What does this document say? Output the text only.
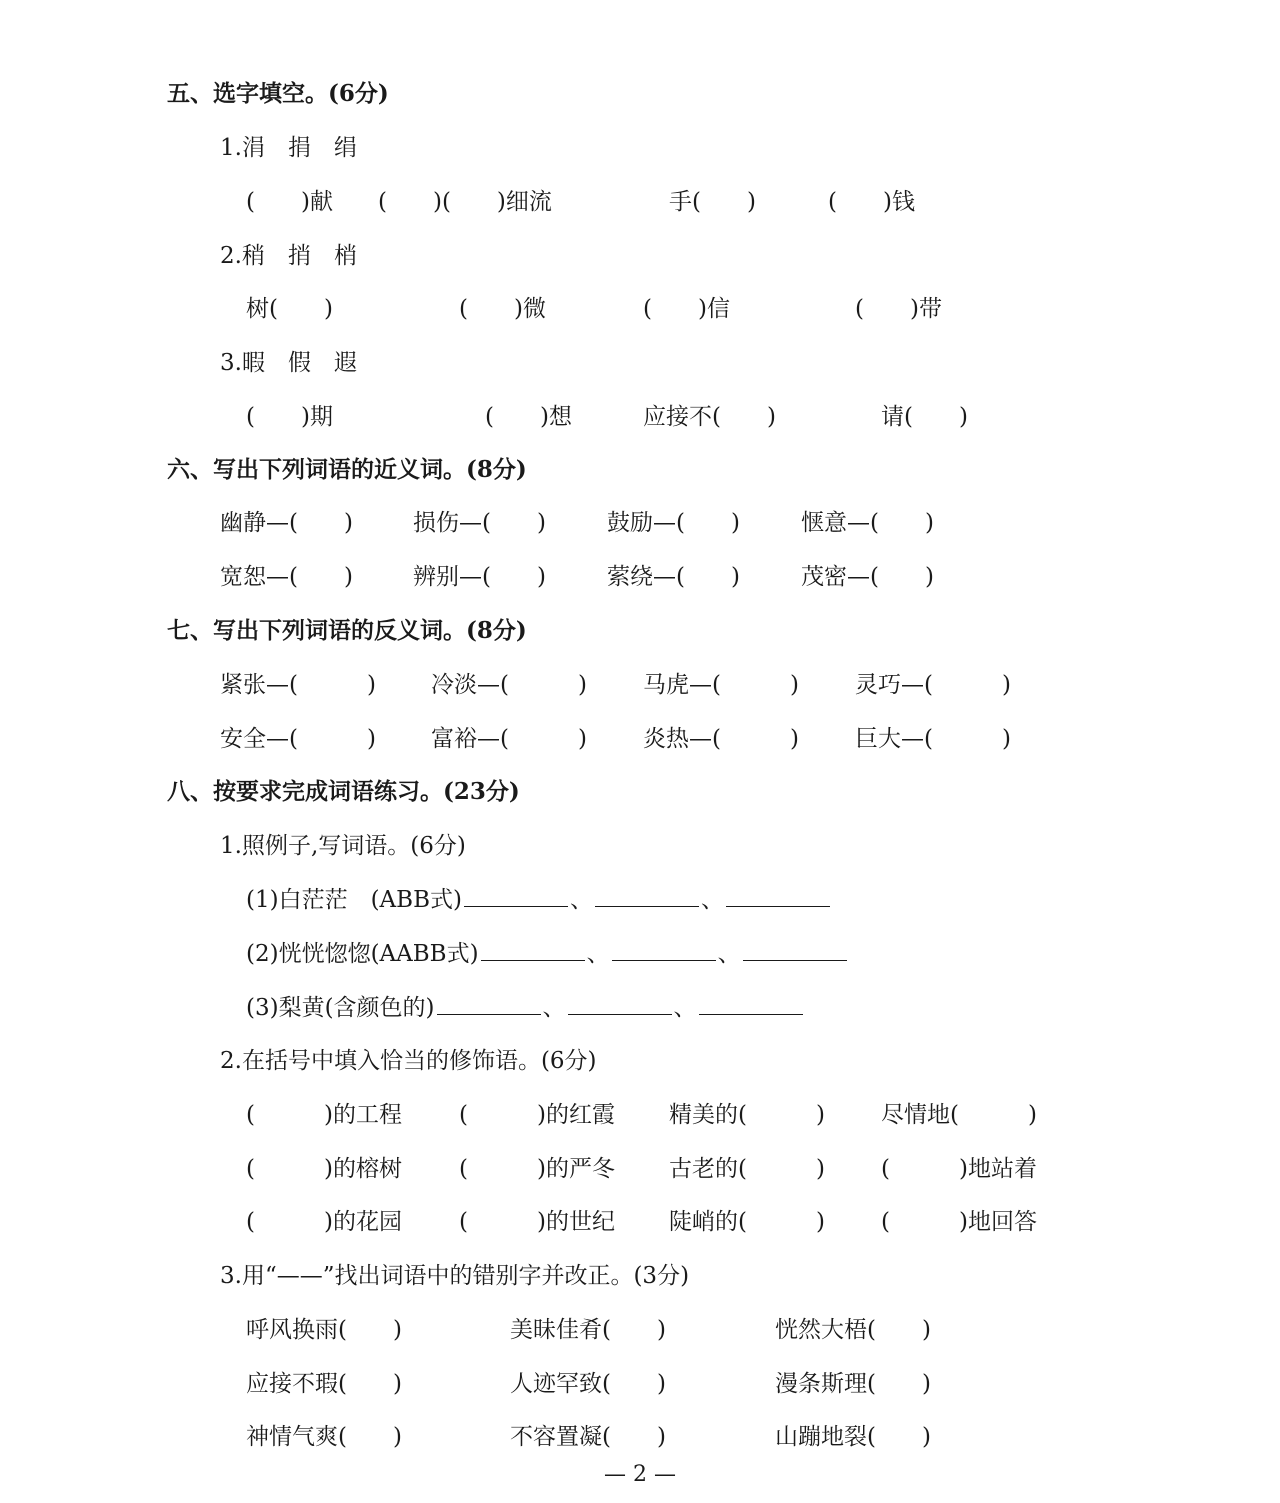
五、选字填空。(6分)
1.涓　捐　绢
(　　)献 (　　)(　　)细流	手(　　)	(　　)钱
2.稍　捎　梢
树(　　)	(　　)微	(　　)信	(　　)带
3.暇　假　遐
(　　)期	(　　)想	应接不(　　)	请(　　)
六、写出下列词语的近义词。(8分)
幽静—(　　)	损伤—(　　)	鼓励—(　　)	惬意—(　　)
宽恕—(　　)	辨别—(　　)	萦绕—(　　)	茂密—(　　)
七、写出下列词语的反义词。(8分)
紧张—(　　　) 冷淡—(　　　) 马虎—(　　　) 灵巧—(　　　)
安全—(　　　) 富裕—(　　　) 炎热—(　　　) 巨大—(　　　)
八、按要求完成词语练习。(23分)
1.照例子,写词语。(6分)
(1)白茫茫　(ABB式)	、	、
(2)恍恍惚惚(AABB式)	、	、
(3)梨黄(含颜色的)	、	、
2.在括号中填入恰当的修饰语。(6分)
(　　　)的工程 (　　　)的红霞 精美的(　　　) 尽情地(　　　)
(　　　)的榕树 (　　　)的严冬 古老的(　　　) (　　　)地站着
(　　　)的花园 (　　　)的世纪 陡峭的(　　　) (　　　)地回答
3.用“——”找出词语中的错别字并改正。(3分)
呼风换雨(　　)	美昧佳肴(　　)	恍然大梧(　　)
应接不瑕(　　)	人迹罕致(　　)	漫条斯理(　　)
神情气爽(　　)	不容置凝(　　)	山蹦地裂(　　)
— 2 —
